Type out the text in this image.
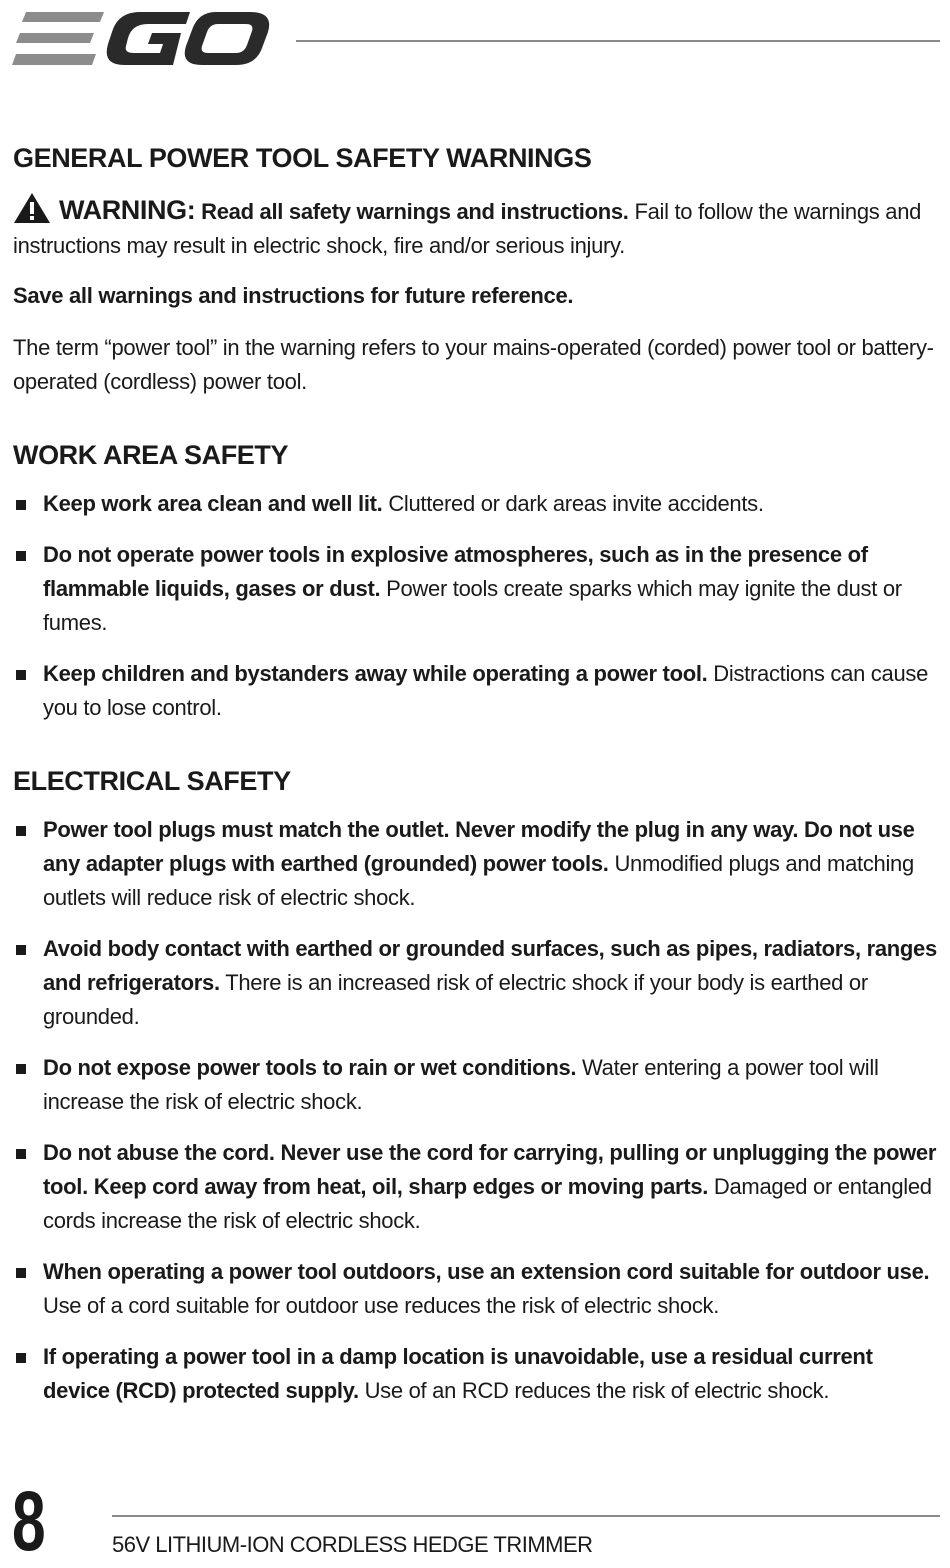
GENERAL POWER TOOL SAFETY WARNINGS

WARNING: Read all safety warnings and instructions. Fail to follow the warnings and instructions may result in electric shock, fire and/or serious injury.

Save all warnings and instructions for future reference.

The term “power tool” in the warning refers to your mains-operated (corded) power tool or battery-operated (cordless) power tool.

WORK AREA SAFETY
Keep work area clean and well lit. Cluttered or dark areas invite accidents.
Do not operate power tools in explosive atmospheres, such as in the presence of flammable liquids, gases or dust. Power tools create sparks which may ignite the dust or fumes.
Keep children and bystanders away while operating a power tool. Distractions can cause you to lose control.
ELECTRICAL SAFETY
Power tool plugs must match the outlet. Never modify the plug in any way. Do not use any adapter plugs with earthed (grounded) power tools. Unmodified plugs and matching outlets will reduce risk of electric shock.
Avoid body contact with earthed or grounded surfaces, such as pipes, radiators, ranges and refrigerators. There is an increased risk of electric shock if your body is earthed or grounded.
Do not expose power tools to rain or wet conditions. Water entering a power tool will increase the risk of electric shock.
Do not abuse the cord. Never use the cord for carrying, pulling or unplugging the power tool. Keep cord away from heat, oil, sharp edges or moving parts. Damaged or entangled cords increase the risk of electric shock.
When operating a power tool outdoors, use an extension cord suitable for outdoor use. Use of a cord suitable for outdoor use reduces the risk of electric shock.
If operating a power tool in a damp location is unavoidable, use a residual current device (RCD) protected supply. Use of an RCD reduces the risk of electric shock.
8	56V LITHIUM-ION CORDLESS HEDGE TRIMMER
